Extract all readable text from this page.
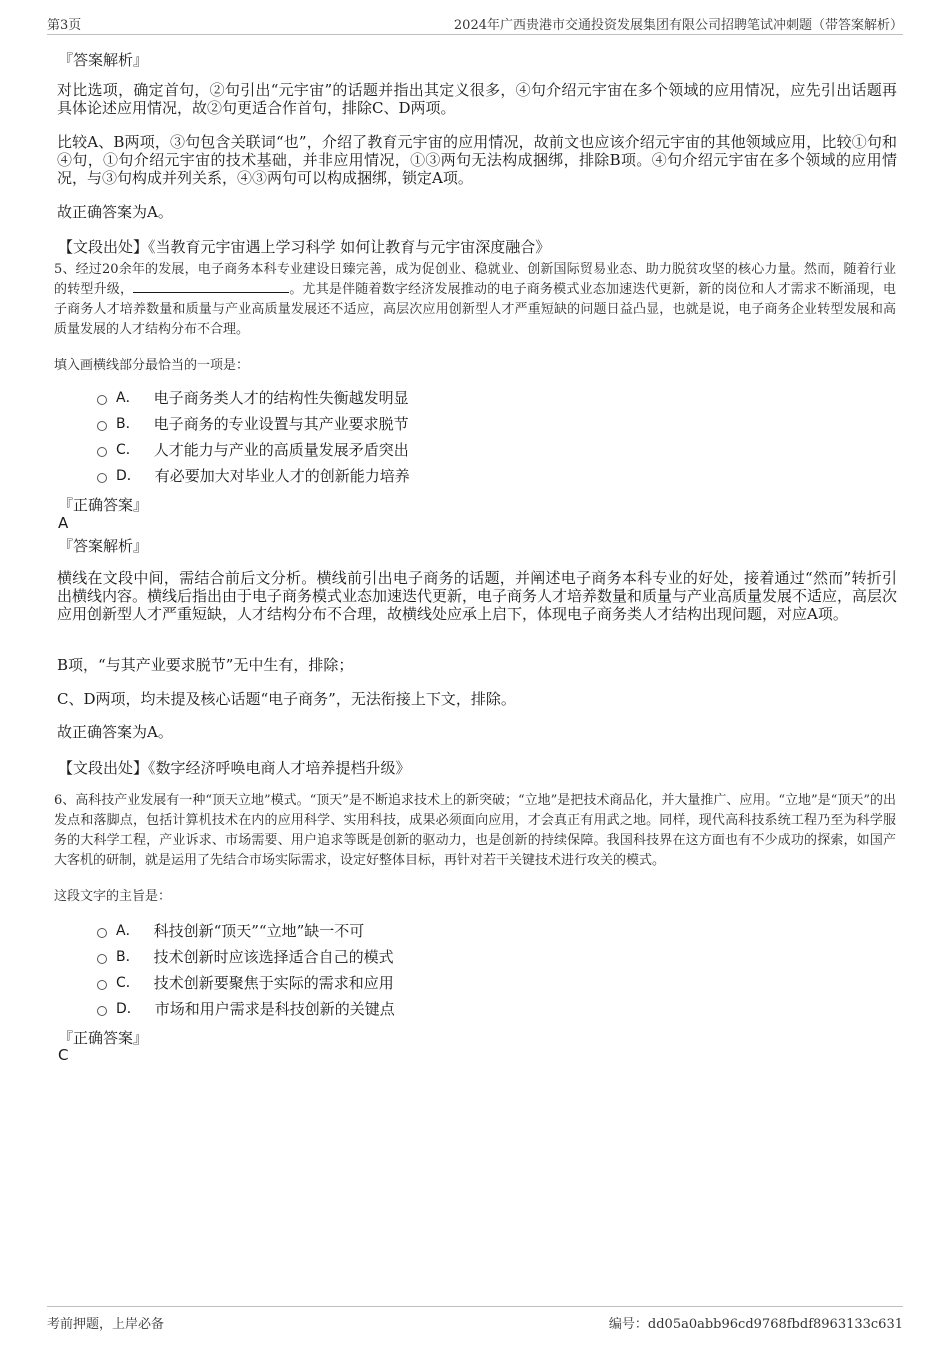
第3页	2024年广西贵港市交通投资发展集团有限公司招聘笔试冲刺题（带答案解析）
『答案解析』

对比选项，确定首句，②句引出“元宇宙”的话题并指出其定义很多，④句介绍元宇宙在多个领域的应用情况，应先引出话题再具体论述应用情况，故②句更适合作首句，排除C、D两项。

比较A、B两项，③句包含关联词“也”，介绍了教育元宇宙的应用情况，故前文也应该介绍元宇宙的其他领域应用，比较①句和④句，①句介绍元宇宙的技术基础，并非应用情况，①③两句无法构成捆绑，排除B项。④句介绍元宇宙在多个领域的应用情况，与③句构成并列关系，④③两句可以构成捆绑，锁定A项。

故正确答案为A。

【文段出处】《当教育元宇宙遇上学习科学 如何让教育与元宇宙深度融合》

5、经过20余年的发展，电子商务本科专业建设日臻完善，成为促创业、稳就业、创新国际贸易业态、助力脱贫攻坚的核心力量。然而，随着行业的转型升级，	。尤其是伴随着数字经济发展推动的电子商务模式业态加速迭代更新，新的岗位和人才需求不断涌现，电子商务人才培养数量和质量与产业高质量发展还不适应，高层次应用创新型人才严重短缺的问题日益凸显，也就是说，电子商务企业转型发展和高质量发展的人才结构分布不合理。

填入画横线部分最恰当的一项是：
A． 电子商务类人才的结构性失衡越发明显
B． 电子商务的专业设置与其产业要求脱节
C． 人才能力与产业的高质量发展矛盾突出
D． 有必要加大对毕业人才的创新能力培养
『正确答案』
A
『答案解析』

横线在文段中间，需结合前后文分析。横线前引出电子商务的话题，并阐述电子商务本科专业的好处，接着通过“然而”转折引出横线内容。横线后指出由于电子商务模式业态加速迭代更新，电子商务人才培养数量和质量与产业高质量发展不适应，高层次应用创新型人才严重短缺，人才结构分布不合理，故横线处应承上启下，体现电子商务类人才结构出现问题，对应A项。

B项，“与其产业要求脱节”无中生有，排除；

C、D两项，均未提及核心话题“电子商务”，无法衔接上下文，排除。

故正确答案为A。

【文段出处】《数字经济呼唤电商人才培养提档升级》

6、高科技产业发展有一种“顶天立地”模式。“顶天”是不断追求技术上的新突破；“立地”是把技术商品化，并大量推广、应用。“立地”是“顶天”的出发点和落脚点，包括计算机技术在内的应用科学、实用科技，成果必须面向应用，才会真正有用武之地。同样，现代高科技系统工程乃至为科学服务的大科学工程，产业诉求、市场需要、用户追求等既是创新的驱动力，也是创新的持续保障。我国科技界在这方面也有不少成功的探索，如国产大客机的研制，就是运用了先结合市场实际需求，设定好整体目标，再针对若干关键技术进行攻关的模式。

这段文字的主旨是：
A． 科技创新“顶天”“立地”缺一不可
B． 技术创新时应该选择适合自己的模式
C． 技术创新要聚焦于实际的需求和应用
D． 市场和用户需求是科技创新的关键点
『正确答案』
C
考前押题，上岸必备	编号：dd05a0abb96cd9768fbdf8963133c631
